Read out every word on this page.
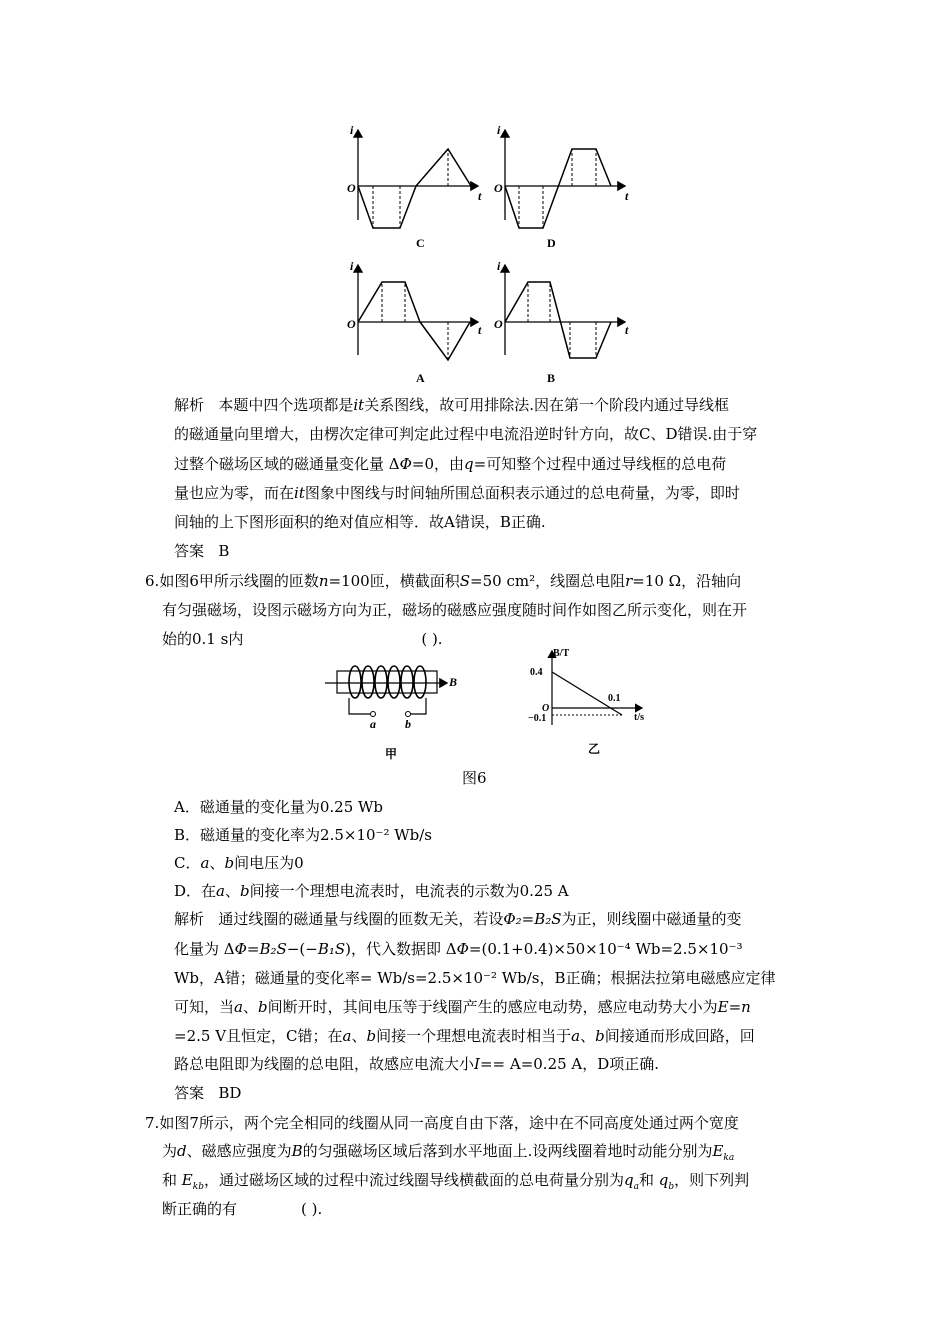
i
O
t
C
i
O
t
D
i
O	t
A
i
O	t
B
解析 本题中四个选项都是it关系图线，故可用排除法.因在第一个阶段内通过导线框
的磁通量向里增大，由楞次定律可判定此过程中电流沿逆时针方向，故C、D错误.由于穿
过整个磁场区域的磁通量变化量 ΔΦ=0，由q=可知整个过程中通过导线框的总电荷
量也应为零，而在it图象中图线与时间轴所围总面积表示通过的总电荷量，为零，即时
间轴的上下图形面积的绝对值应相等．故A错误，B正确.
答案 B
6.如图6甲所示线圈的匝数n=100匝，横截面积S=50 cm²，线圈总电阻r=10 Ω，沿轴向
有匀强磁场，设图示磁场方向为正，磁场的磁感应强度随时间作如图乙所示变化，则在开
始的0.1 s内	( ).
B
a b
甲
B/T
0.4
0.1
O
−0.1	t/s
乙
图6
A．磁通量的变化量为0.25 Wb
B．磁通量的变化率为2.5×10⁻² Wb/s
C．a、b间电压为0
D．在a、b间接一个理想电流表时，电流表的示数为0.25 A
解析 通过线圈的磁通量与线圈的匝数无关，若设Φ₂=B₂S为正，则线圈中磁通量的变
化量为 ΔΦ=B₂S−(−B₁S)，代入数据即 ΔΦ=(0.1+0.4)×50×10⁻⁴ Wb=2.5×10⁻³
Wb，A错；磁通量的变化率= Wb/s=2.5×10⁻² Wb/s，B正确；根据法拉第电磁感应定律
可知，当a、b间断开时，其间电压等于线圈产生的感应电动势，感应电动势大小为E=n
=2.5 V且恒定，C错；在a、b间接一个理想电流表时相当于a、b间接通而形成回路，回
路总电阻即为线圈的总电阻，故感应电流大小I== A=0.25 A，D项正确.
答案 BD
7.如图7所示，两个完全相同的线圈从同一高度自由下落，途中在不同高度处通过两个宽度
为d、磁感应强度为B的匀强磁场区域后落到水平地面上.设两线圈着地时动能分别为$E_{ka}$
和 $E_{kb}$，通过磁场区域的过程中流过线圈导线横截面的总电荷量分别为$q_a$和 $q_b$，则下列判
断正确的有	( ).
